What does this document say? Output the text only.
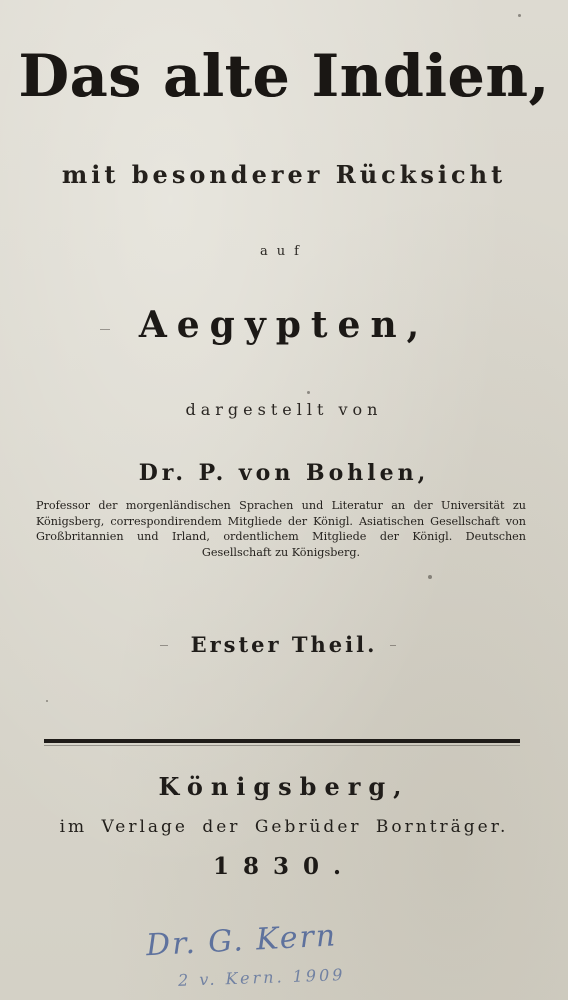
Das alte Indien,
mit besonderer Rücksicht
auf
Aegypten,
dargestellt von
Dr. P. von Bohlen,

Professor der morgenländischen Sprachen und Literatur an der Universität zu Königsberg, correspondirendem Mitgliede der Königl. Asiatischen Gesellschaft von Großbritannien und Irland, ordentlichem Mitgliede der Königl. Deutschen Gesellschaft zu Königsberg.

Erster Theil.
Königsberg,
im Verlage der Gebrüder Bornträger.
1830.

Dr. G. Kern

2 v. Kern. 1909
